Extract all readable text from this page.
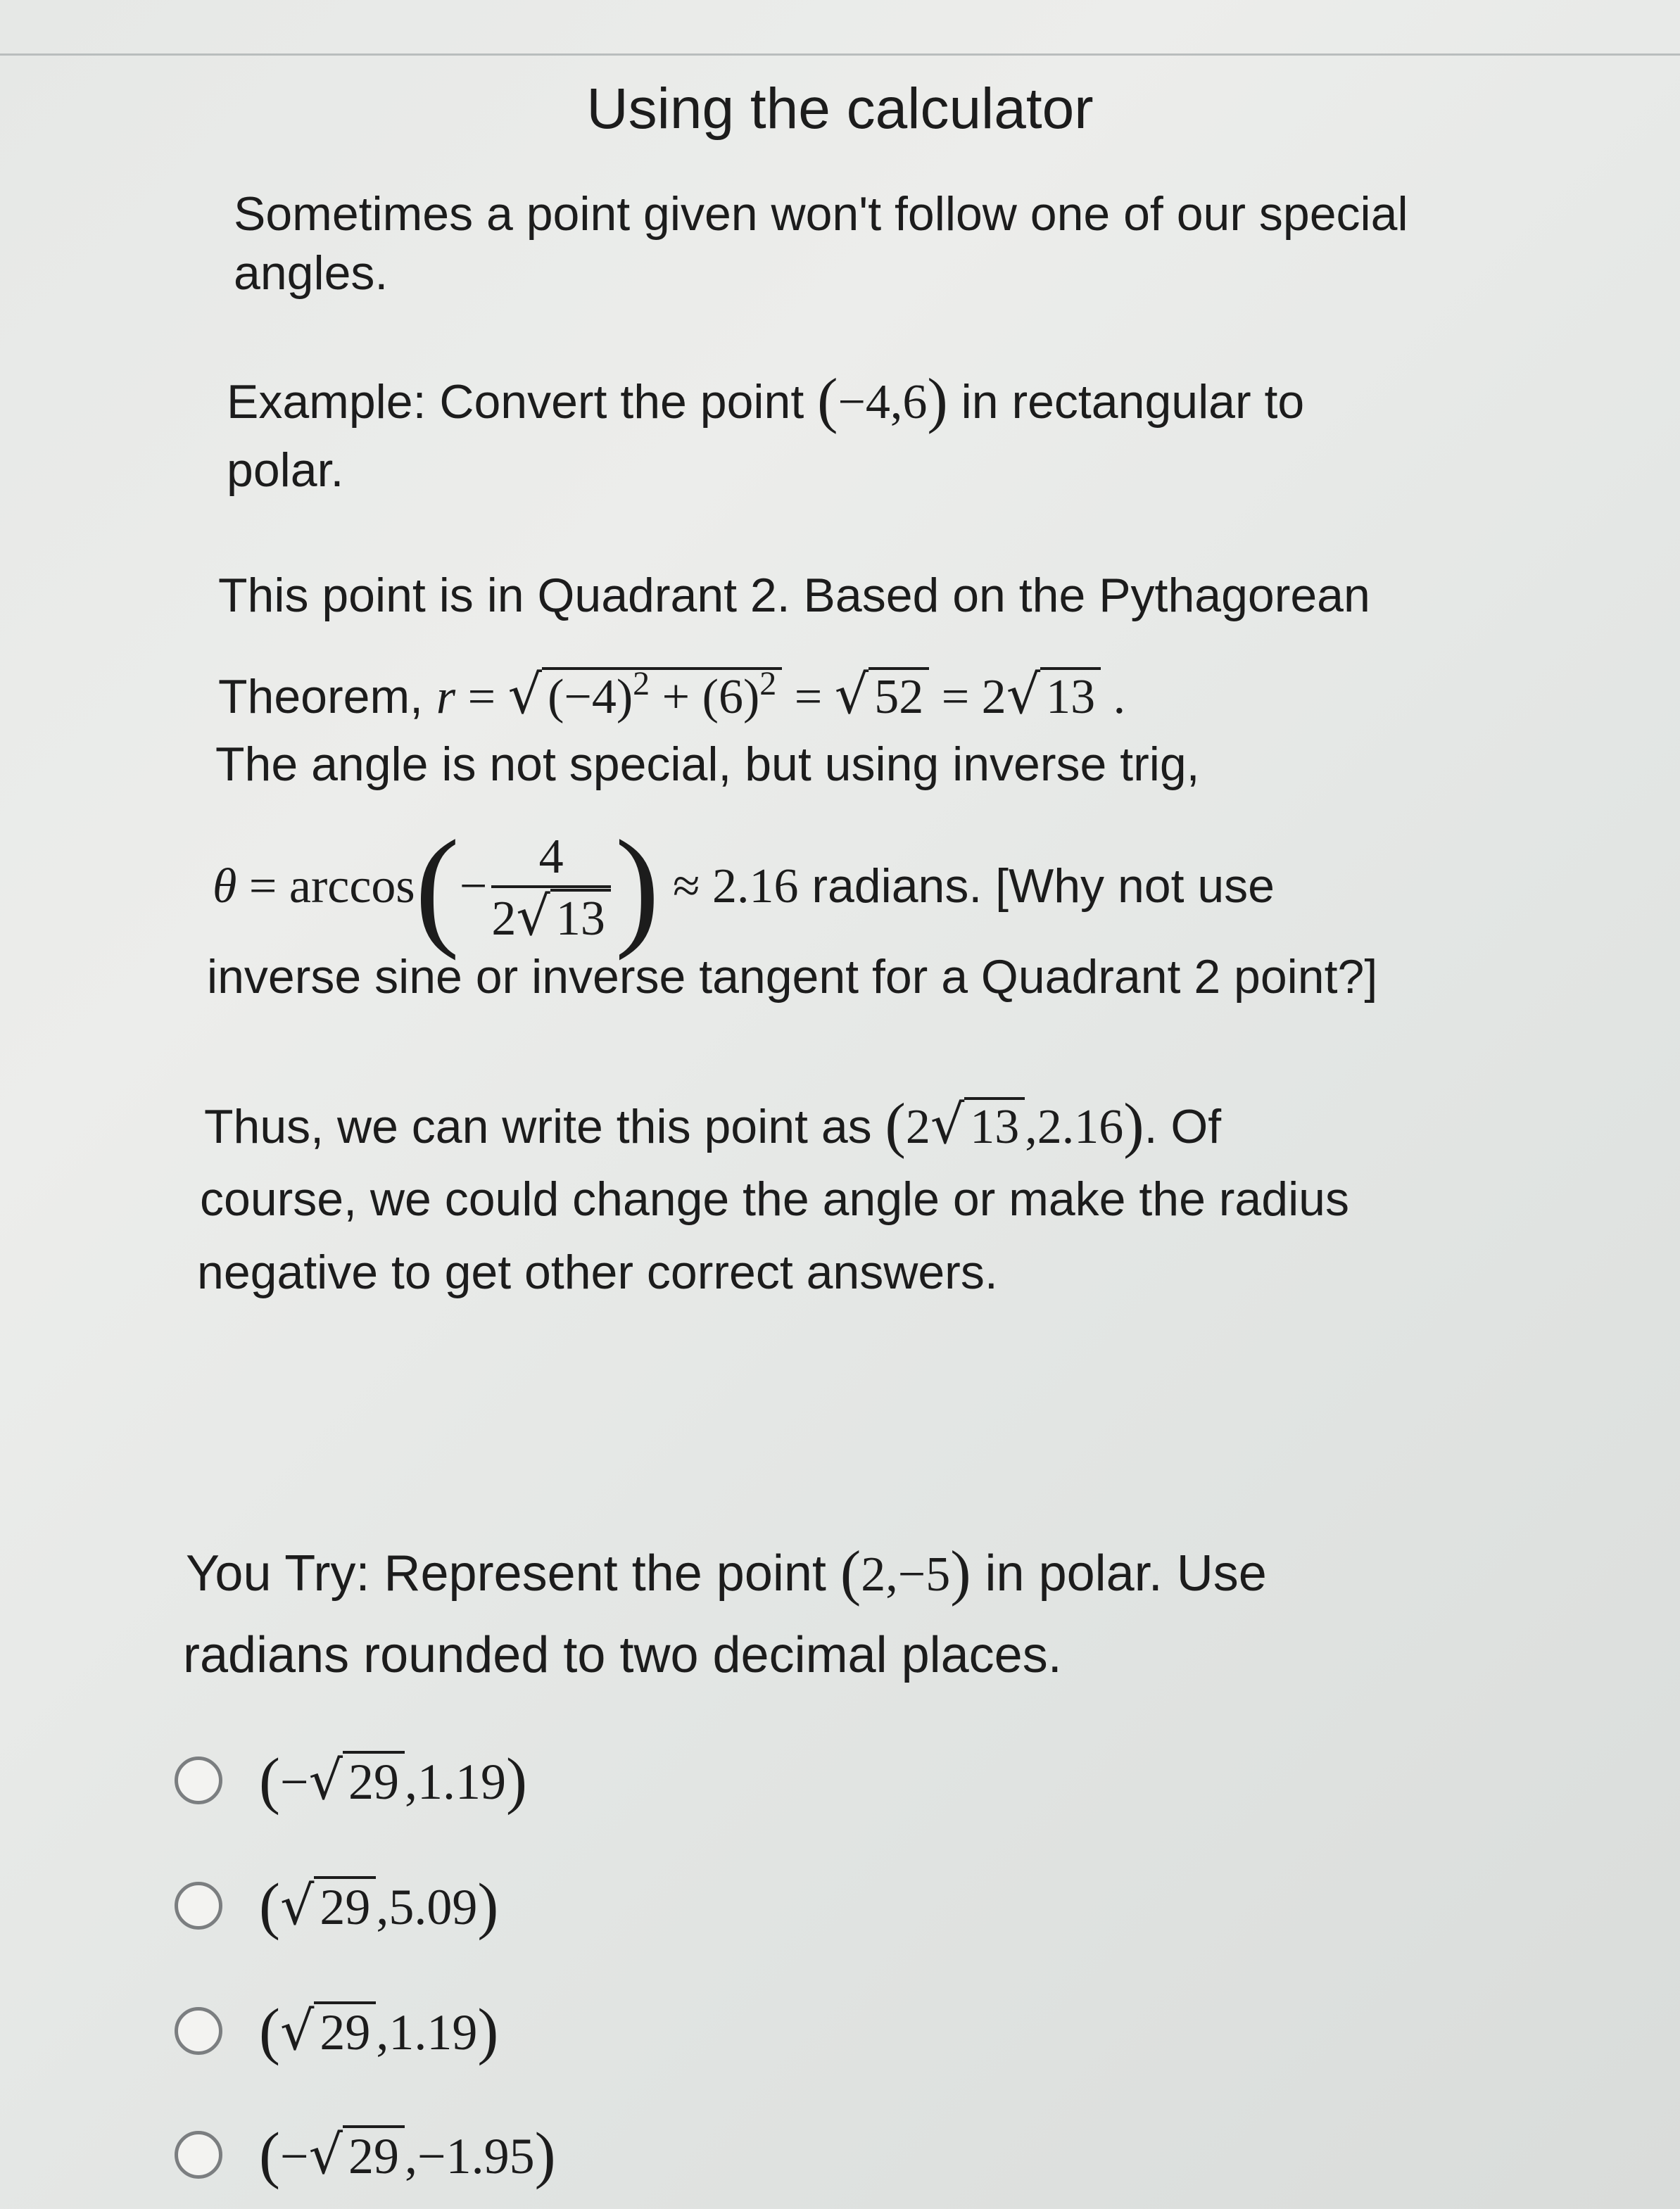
Using the calculator
Sometimes a point given won't follow one of our special
angles.
Example: Convert the point (−4,6) in rectangular to
polar.
This point is in Quadrant 2. Based on the Pythagorean
Theorem, r = √ $(-4)^2 + (6)^2$ = √ 52 = 2√ 13 .
The angle is not special, but using inverse trig,
$\theta = \arccos(- \frac{4}{2√ 13}$ ) ≈ 2.16 radians. [Why not use
inverse sine or inverse tangent for a Quadrant 2 point?]
Thus, we can write this point as (2√ 13 ,2.16). Of
course, we could change the angle or make the radius
negative to get other correct answers.
You Try: Represent the point (2,−5) in polar. Use
radians rounded to two decimal places.
(−√ 29 ,1.19)
(√ 29 ,5.09)
(√ 29 ,1.19)
(−√ 29 ,−1.95)
